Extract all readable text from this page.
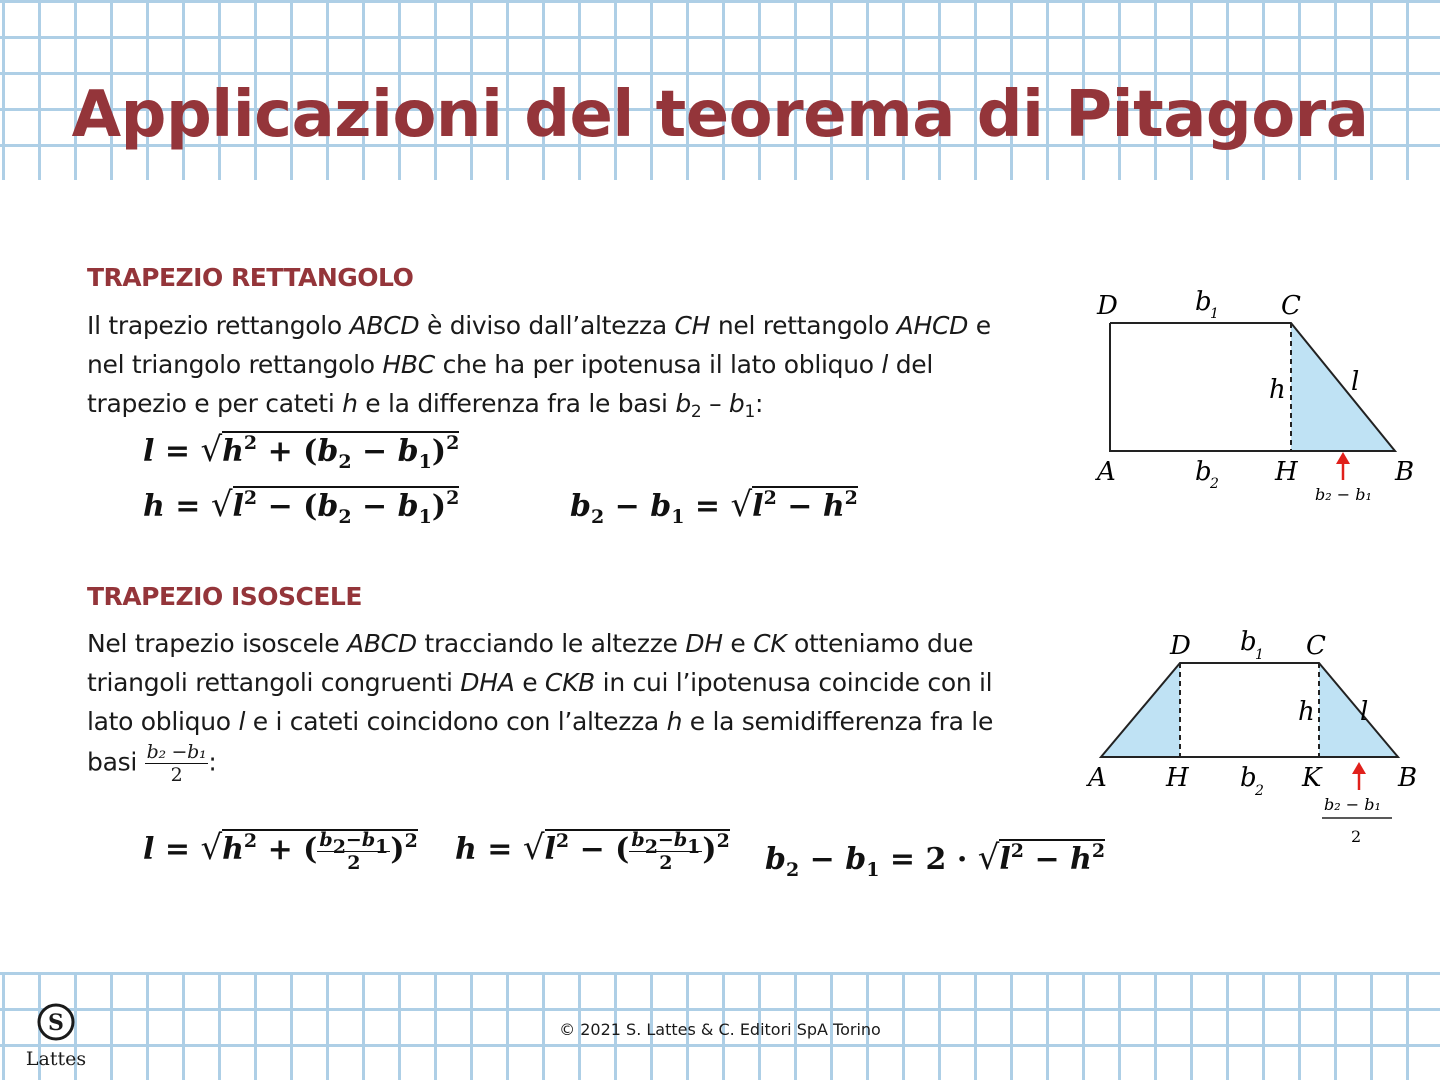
Applicazioni del teorema di Pitagora
TRAPEZIO RETTANGOLO

Il trapezio rettangolo ABCD è diviso dall’altezza CH nel rettangolo AHCD e
nel triangolo rettangolo HBC che ha per ipotenusa il lato obliquo l del
trapezio e per cateti h e la differenza fra le basi $b_2 - b_1$:

$l = √h^2 + (b_2 - b_1)^2$
$h = √l^2 - (b_2 - b_1)^2$	$b_2 - b_1 = √l^2 - h^2$
D	b
1 C
h	l
A	b
2 H	B
b₂ − b₁
TRAPEZIO ISOSCELE

Nel trapezio isoscele ABCD tracciando le altezze DH e CK otteniamo due
triangoli rettangoli congruenti DHA e CKB in cui l’ipotenusa coincide con il
lato obliquo l e i cateti coincidono con l’altezza h e la semidifferenza fra le
basi $\frac{\text{b₂ −b₁}}{2}$ :

$l = √h^2$ + ( $\frac{b_2-b_1}{2} )^2$ $h = √l^2$ − ( $\frac{b_2-b_1}{2} )^2$
$b_2 - b_1 = 2 \cdot √l^2 - h^2$
D b
1 C
h l
A H b
2 K	B
b₂ − b₁
2
S
Lattes

© 2021 S. Lattes & C. Editori SpA Torino
